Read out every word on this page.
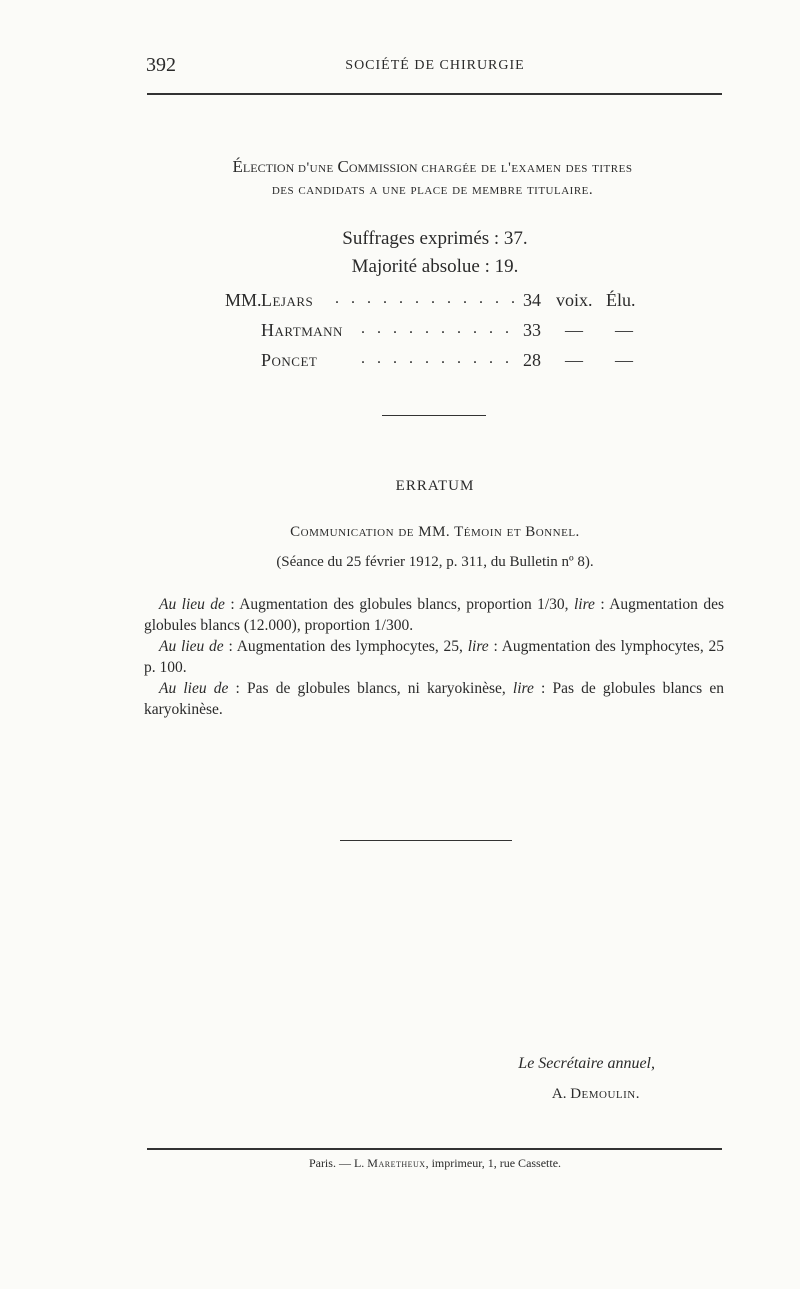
392	SOCIÉTÉ DE CHIRURGIE
Élection d'une Commission chargée de l'examen des titres
des candidats a une place de membre titulaire.
Suffrages exprimés : 37.
Majorité absolue : 19.
MM. Lejars . . . . . . . . . . . . 34 voix. Élu.
Hartmann . . . . . . . . . . 33 — —
Poncet	. . . . . . . . . . 28 — —
ERRATUM
Communication de MM. Témoin et Bonnel.
(Séance du 25 février 1912, p. 311, du Bulletin nº 8).

Au lieu de : Augmentation des globules blancs, proportion 1/30, lire : Augmentation des globules blancs (12.000), proportion 1/300.

Au lieu de : Augmentation des lymphocytes, 25, lire : Augmentation des lymphocytes, 25 p. 100.

Au lieu de : Pas de globules blancs, ni karyokinèse, lire : Pas de globules blancs en karyokinèse.

Le Secrétaire annuel,
A. Demoulin.
Paris. — L. Maretheux, imprimeur, 1, rue Cassette.
